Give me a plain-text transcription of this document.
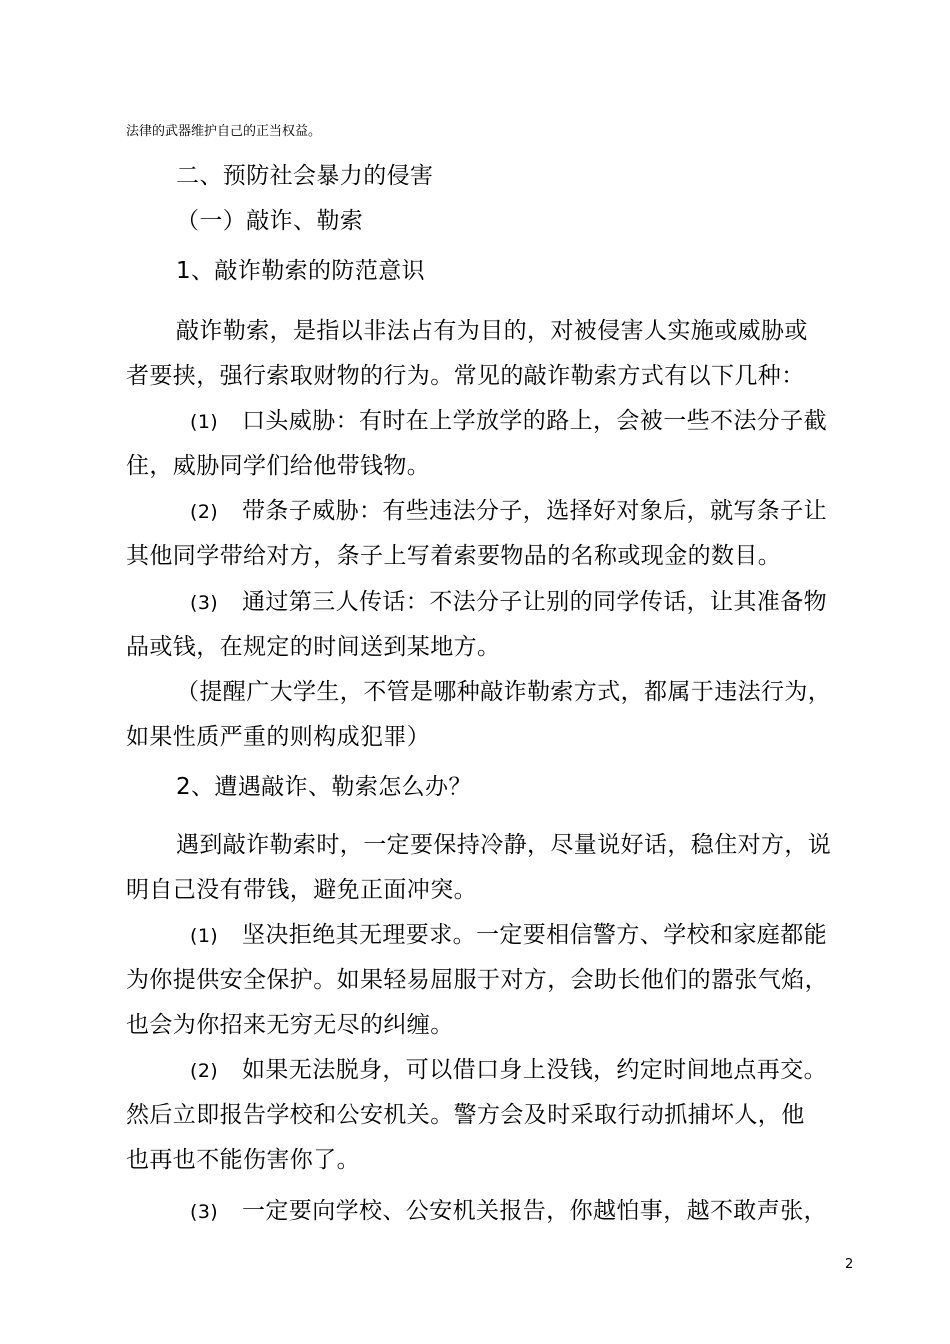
法律的武器维护自己的正当权益。
二、预防社会暴力的侵害
（一）敲诈、勒索
1、敲诈勒索的防范意识
敲诈勒索，是指以非法占有为目的，对被侵害人实施或威胁或
者要挟，强行索取财物的行为。常见的敲诈勒索方式有以下几种：
(1) 口头威胁：有时在上学放学的路上，会被一些不法分子截
住，威胁同学们给他带钱物。
(2) 带条子威胁：有些违法分子，选择好对象后，就写条子让
其他同学带给对方，条子上写着索要物品的名称或现金的数目。
(3) 通过第三人传话：不法分子让别的同学传话，让其准备物
品或钱，在规定的时间送到某地方。
（提醒广大学生，不管是哪种敲诈勒索方式，都属于违法行为，
如果性质严重的则构成犯罪）
2、遭遇敲诈、勒索怎么办？
遇到敲诈勒索时，一定要保持冷静，尽量说好话，稳住对方，说
明自己没有带钱，避免正面冲突。
(1) 坚决拒绝其无理要求。一定要相信警方、学校和家庭都能
为你提供安全保护。如果轻易屈服于对方，会助长他们的嚣张气焰，
也会为你招来无穷无尽的纠缠。
(2) 如果无法脱身，可以借口身上没钱，约定时间地点再交。
然后立即报告学校和公安机关。警方会及时采取行动抓捕坏人，他
也再也不能伤害你了。
(3) 一定要向学校、公安机关报告，你越怕事，越不敢声张，
2
